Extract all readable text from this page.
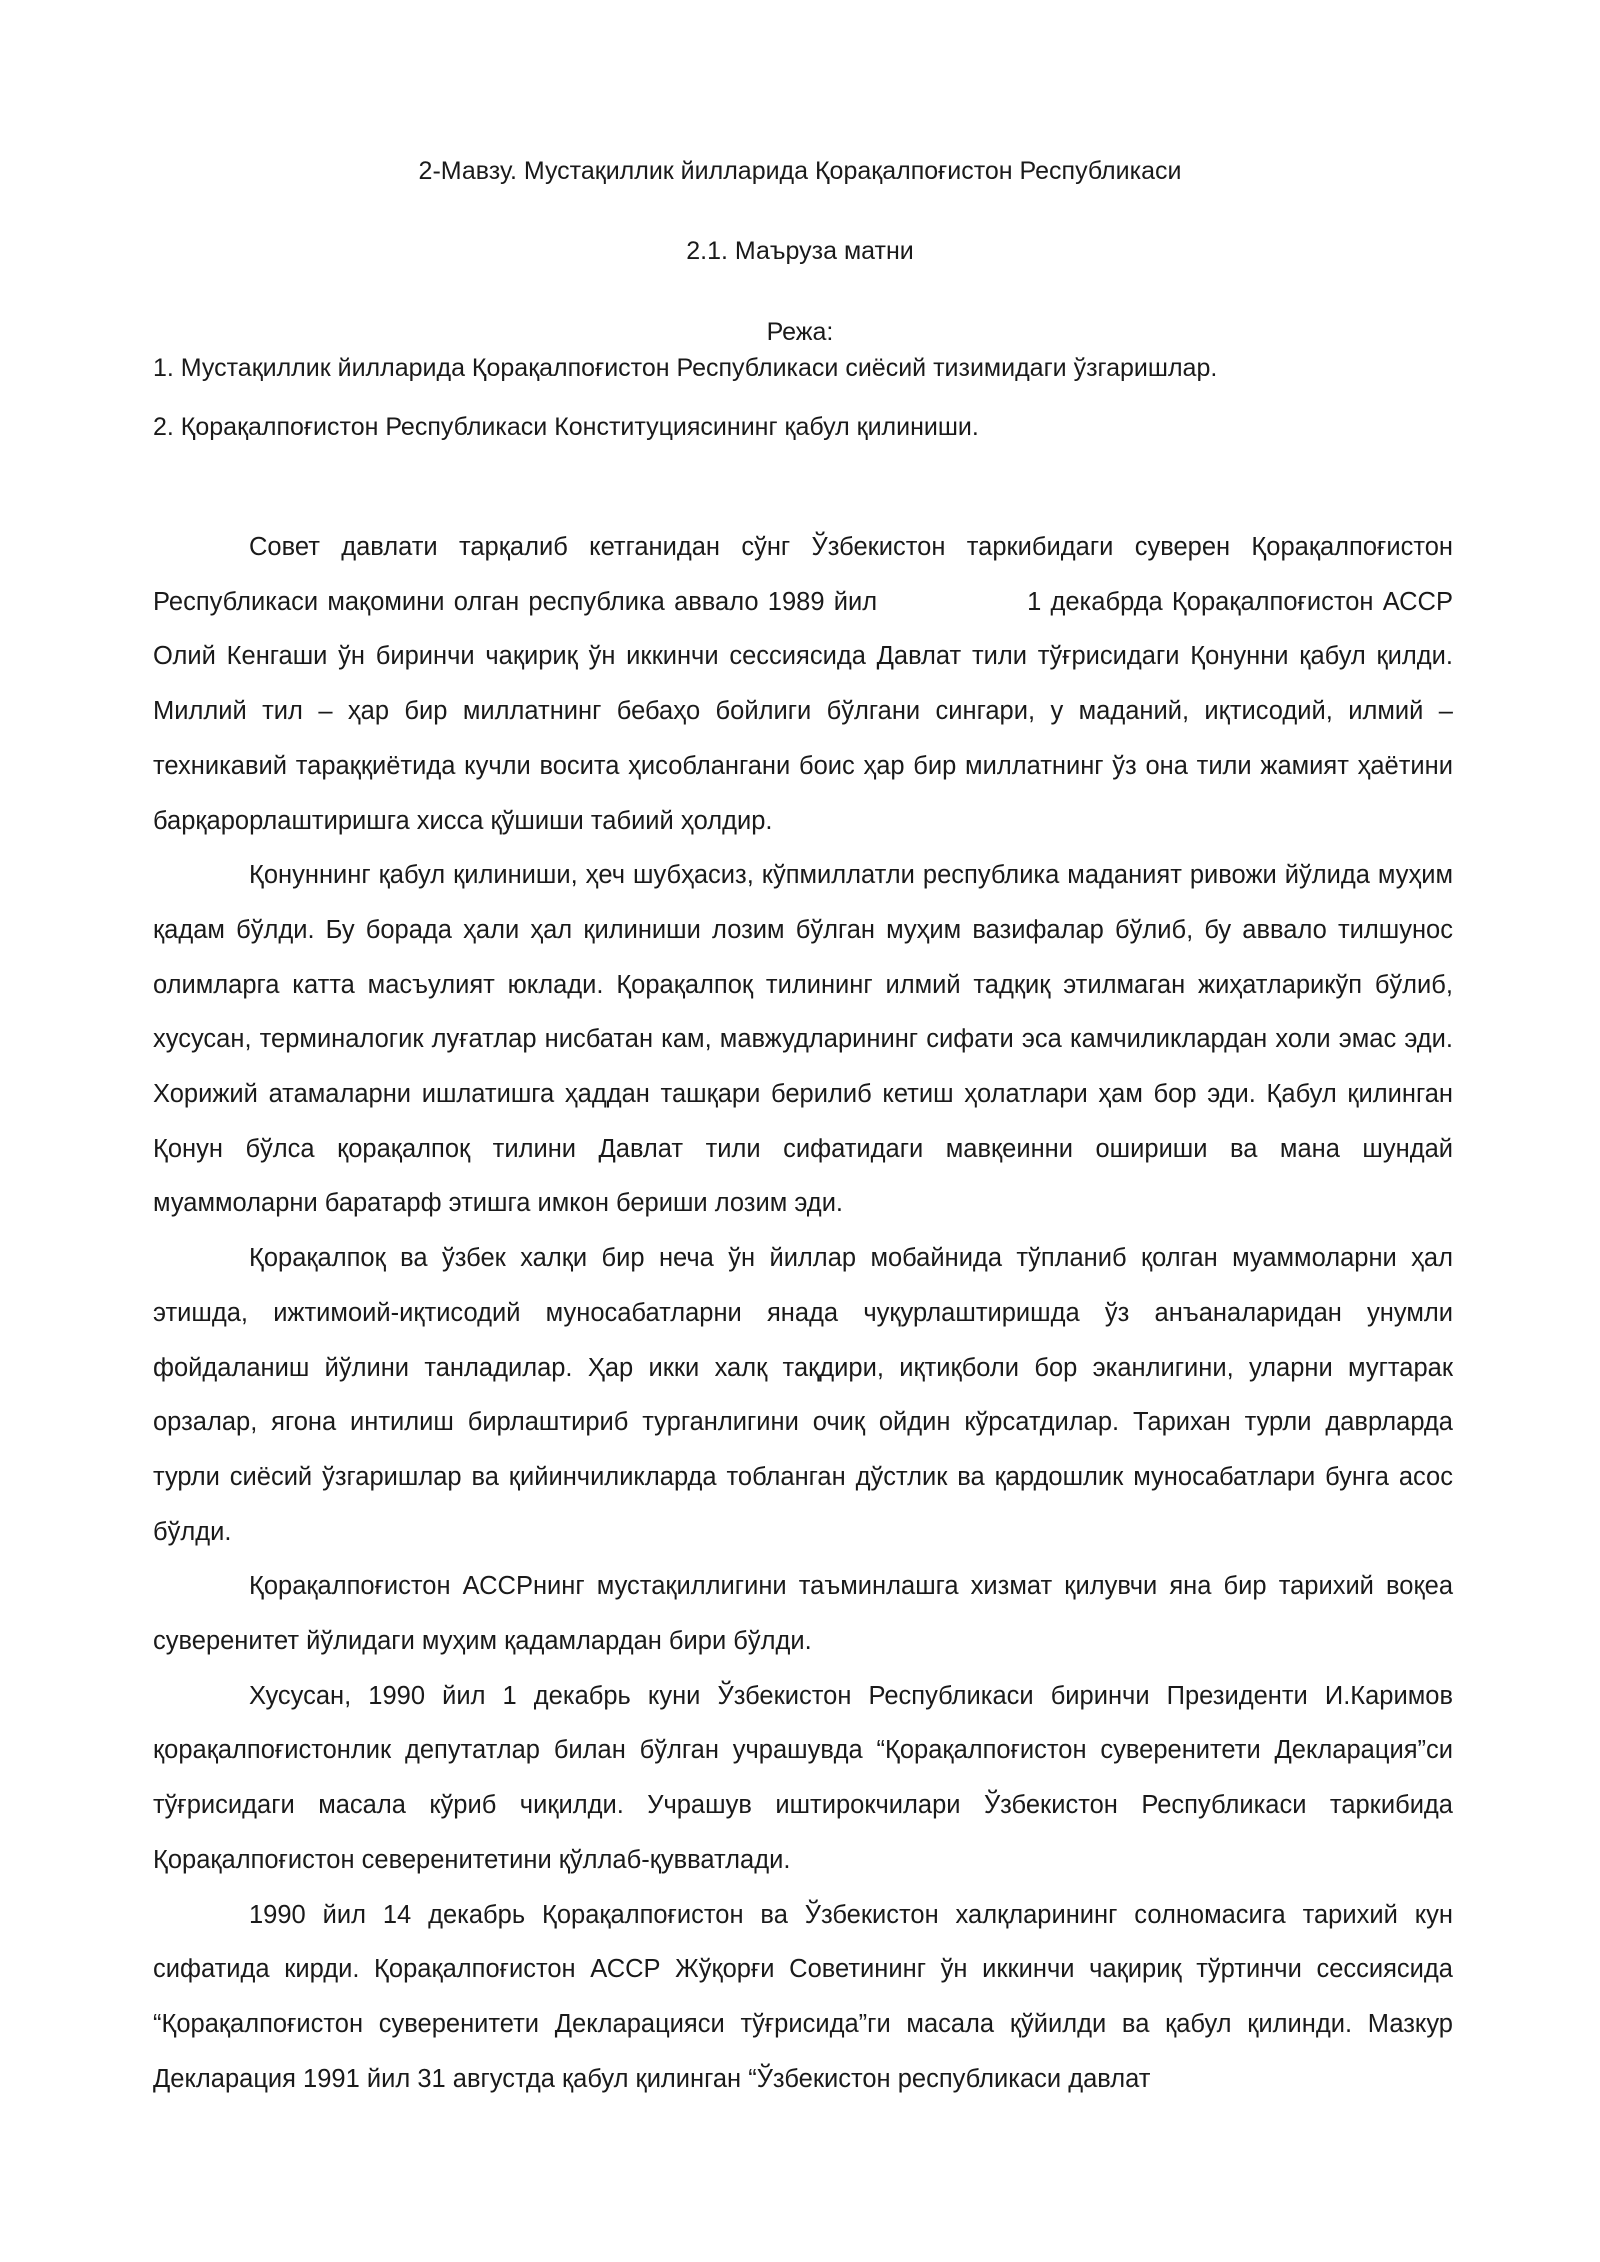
2-Мавзу. Мустақиллик йилларида Қорақалпоғистон Республикаси
2.1. Маъруза матни
Режа:

1. Мустақиллик йилларида Қорақалпоғистон Республикаси сиёсий тизимидаги ўзгаришлар.

2. Қорақалпоғистон Республикаси Конституциясининг қабул қилиниши.

Совет давлати тарқалиб кетганидан сўнг Ўзбекистон таркибидаги суверен Қорақалпоғистон Республикаси мақомини олган республика аввало 1989 йил	1 декабрда Қорақалпоғистон АССР Олий Кенгаши ўн биринчи чақириқ ўн иккинчи сессиясида Давлат тили тўғрисидаги Қонунни қабул қилди. Миллий тил – ҳар бир миллатнинг бебаҳо бойлиги бўлгани сингари, у маданий, иқтисодий, илмий – техникавий тараққиётида кучли восита ҳисоблангани боис ҳар бир миллатнинг ўз она тили жамият ҳаётини барқарорлаштиришга хисса қўшиши табиий ҳолдир.

Қонуннинг қабул қилиниши, ҳеч шубҳасиз, кўпмиллатли республика маданият ривожи йўлида муҳим қадам бўлди. Бу борада ҳали ҳал қилиниши лозим бўлган муҳим вазифалар бўлиб, бу аввало тилшунос олимларга катта масъулият юклади. Қорақалпоқ тилининг илмий тадқиқ этилмаган жиҳатларикўп бўлиб, хусусан, терминалогик луғатлар нисбатан кам, мавжудларининг сифати эса камчиликлардан холи эмас эди. Хорижий атамаларни ишлатишга ҳаддан ташқари берилиб кетиш ҳолатлари ҳам бор эди. Қабул қилинган Қонун бўлса қорақалпоқ тилини Давлат тили сифатидаги мавқеинни ошириши ва мана шундай муаммоларни баратарф этишга имкон бериши лозим эди.

Қорақалпоқ ва ўзбек халқи бир неча ўн йиллар мобайнида тўпланиб қолган муаммоларни ҳал этишда, ижтимоий-иқтисодий муносабатларни янада чуқурлаштиришда ўз анъаналаридан унумли фойдаланиш йўлини танладилар. Ҳар икки халқ тақдири, иқтиқболи бор эканлигини, уларни мугтарак орзалар, ягона интилиш бирлаштириб турганлигини очиқ ойдин кўрсатдилар. Тарихан турли даврларда турли сиёсий ўзгаришлар ва қийинчиликларда тобланган дўстлик ва қардошлик муносабатлари бунга асос бўлди.

Қорақалпоғистон АССРнинг мустақиллигини таъминлашга хизмат қилувчи яна бир тарихий воқеа суверенитет йўлидаги муҳим қадамлардан бири бўлди.

Хусусан, 1990 йил 1 декабрь куни Ўзбекистон Республикаси биринчи Президенти И.Каримов қорақалпоғистонлик депутатлар билан бўлган учрашувда “Қорақалпоғистон суверенитети Декларация”си тўғрисидаги масала кўриб чиқилди. Учрашув иштирокчилари Ўзбекистон Республикаси таркибида Қорақалпоғистон северенитетини қўллаб-қувватлади.

1990 йил 14 декабрь Қорақалпоғистон ва Ўзбекистон халқларининг солномасига тарихий кун сифатида кирди. Қорақалпоғистон АССР Жўқорғи Советининг ўн иккинчи чақириқ тўртинчи сессиясида “Қорақалпоғистон суверенитети Декларацияси тўғрисида”ги масала қўйилди ва қабул қилинди. Мазкур Декларация 1991 йил 31 августда қабул қилинган “Ўзбекистон республикаси давлат
